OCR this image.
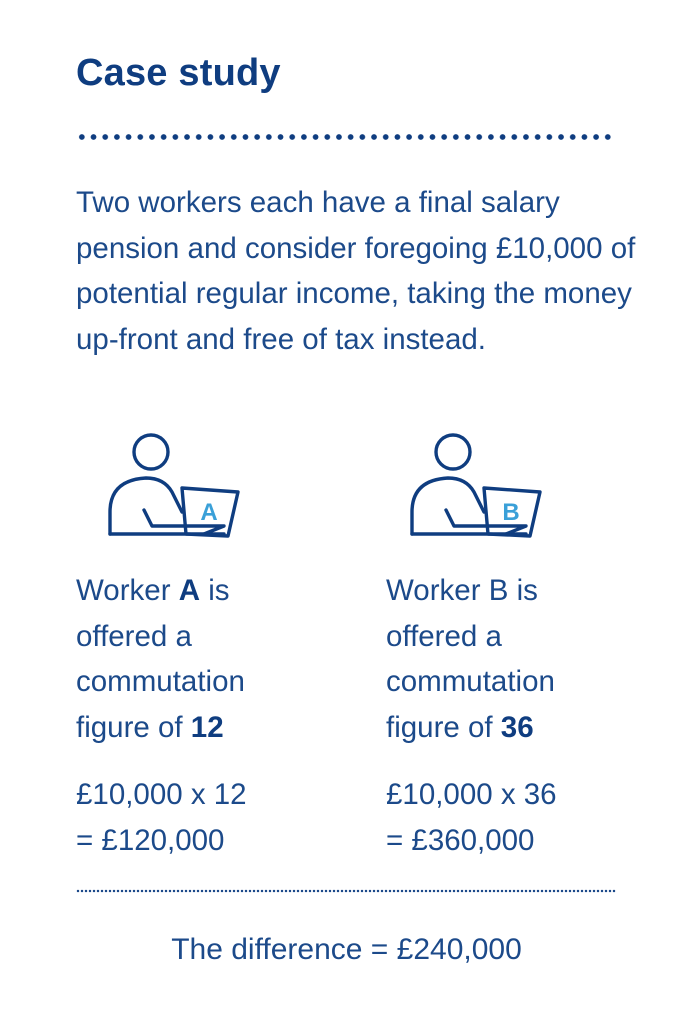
Case study

Two workers each have a final salary pension and consider foregoing £10,000 of potential regular income, taking the money up-front and free of tax instead.

A

Worker A is
offered a
commutation
figure of 12

£10,000 x 12
= £120,000

B

Worker B is
offered a
commutation
figure of 36

£10,000 x 36
= £360,000

The difference = £240,000
